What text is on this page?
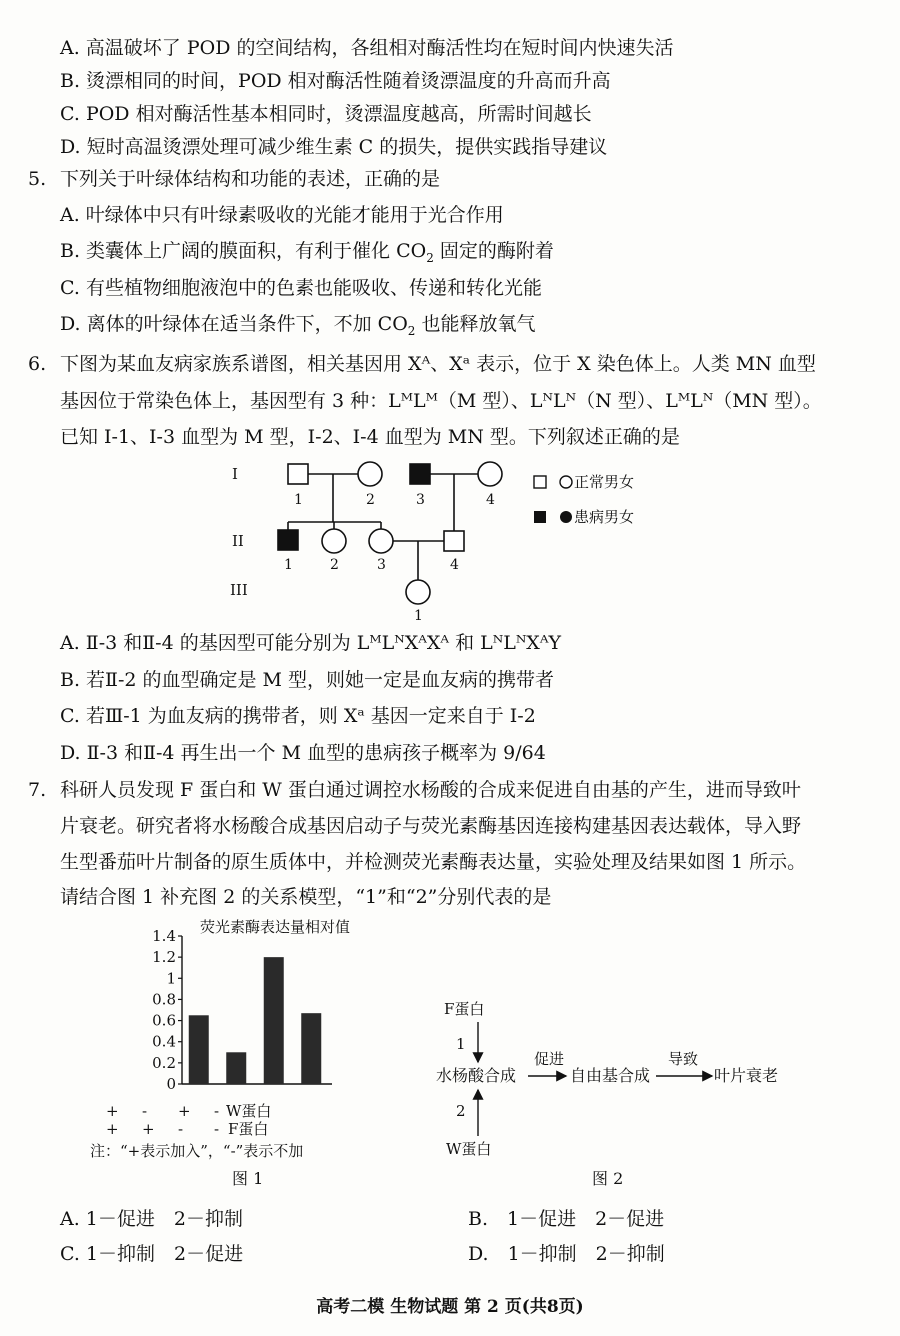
A. 高温破坏了 POD 的空间结构，各组相对酶活性均在短时间内快速失活
B. 烫漂相同的时间，POD 相对酶活性随着烫漂温度的升高而升高
C. POD 相对酶活性基本相同时，烫漂温度越高，所需时间越长
D. 短时高温烫漂处理可减少维生素 C 的损失，提供实践指导建议
5. 下列关于叶绿体结构和功能的表述，正确的是
A. 叶绿体中只有叶绿素吸收的光能才能用于光合作用
B. 类囊体上广阔的膜面积，有利于催化 $CO_2$ 固定的酶附着
C. 有些植物细胞液泡中的色素也能吸收、传递和转化光能
D. 离体的叶绿体在适当条件下，不加 $CO_2$ 也能释放氧气
6. 下图为某血友病家族系谱图，相关基因用 Xᴬ、Xᵃ 表示，位于 X 染色体上。人类 MN 血型
基因位于常染色体上，基因型有 3 种：LᴹLᴹ（M 型）、LᴺLᴺ（N 型）、LᴹLᴺ（MN 型）。
已知 I-1、I-3 血型为 M 型，I-2、I-4 血型为 MN 型。下列叙述正确的是
I
II
III
1	2	3	4
1	2	3	4
1
正常男女
患病男女
A. Ⅱ-3 和Ⅱ-4 的基因型可能分别为 LᴹLᴺXᴬXᴬ 和 LᴺLᴺXᴬY
B. 若Ⅱ-2 的血型确定是 M 型，则她一定是血友病的携带者
C. 若Ⅲ-1 为血友病的携带者，则 Xᵃ 基因一定来自于 I-2
D. Ⅱ-3 和Ⅱ-4 再生出一个 M 血型的患病孩子概率为 9/64
7. 科研人员发现 F 蛋白和 W 蛋白通过调控水杨酸的合成来促进自由基的产生，进而导致叶
片衰老。研究者将水杨酸合成基因启动子与荧光素酶基因连接构建基因表达载体，导入野
生型番茄叶片制备的原生质体中，并检测荧光素酶表达量，实验处理及结果如图 1 所示。
请结合图 1 补充图 2 的关系模型，“1”和“2”分别代表的是
荧光素酶表达量相对值
0
0.2
0.4
0.6
0.8
1
1.2
1.4
+ - + - W蛋白
+ + - - F蛋白
注：“+表示加入”，“-”表示不加
图 1
F蛋白
1
水杨酸合成
2
W蛋白
促进
自由基合成
导致
叶片衰老
图 2
A. 1－促进　2－抑制	B.　1－促进　2－促进
C. 1－抑制　2－促进	D.　1－抑制　2－抑制
高考二模 生物试题 第 2 页(共8页)
